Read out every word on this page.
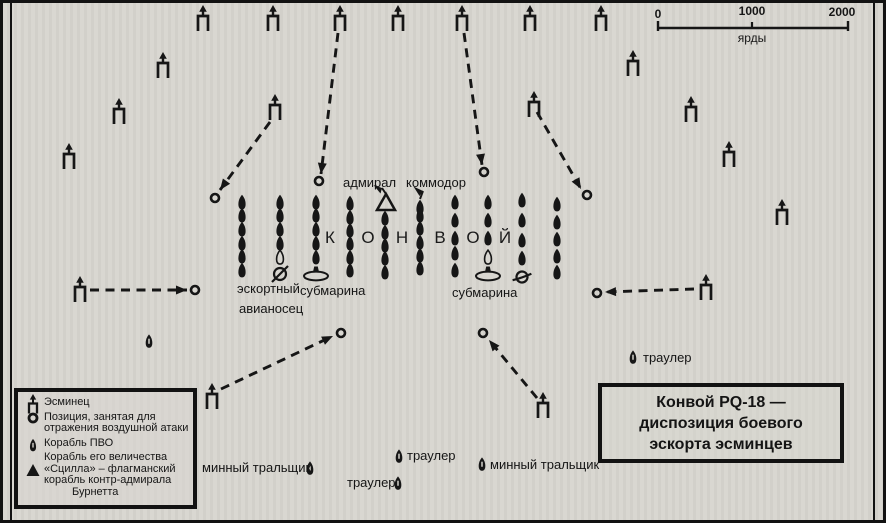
адмирал коммодор
эскортный
авианосец
субмарина	субмарина
минный тральщик
траулер
траулер
минный тральщик
траулер
К О Н В О Й
Эсминец
Позиция, занятая для
отражения воздушной атаки
Корабль ПВО
Корабль его величества
«Сцилла» – флагманский
корабль контр-адмирала
Бурнетта
Конвой PQ-18 —
диспозиция боевого
эскорта эсминцев
0	1000	2000
ярды
